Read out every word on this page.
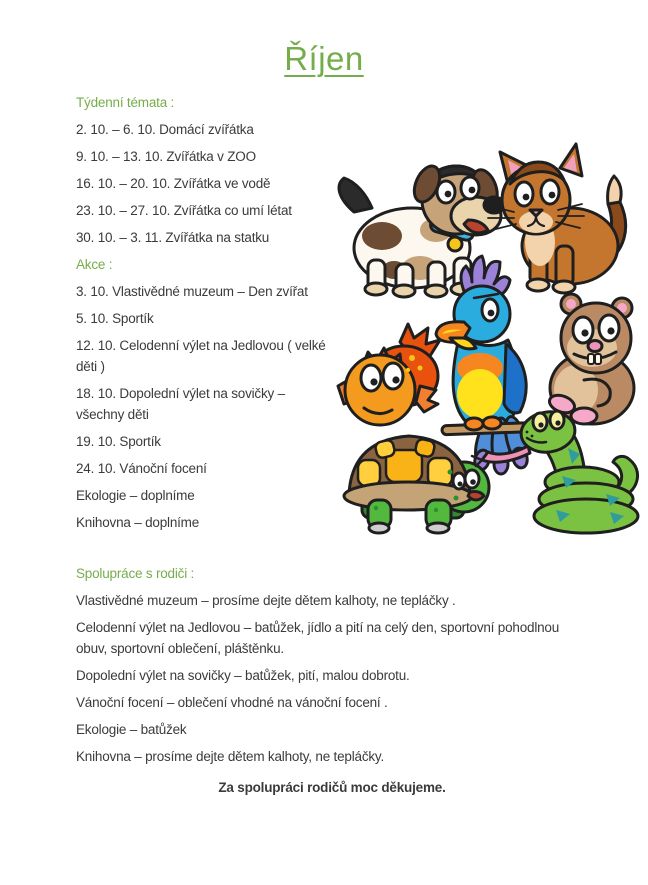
Říjen

Týdenní témata :

2. 10. – 6. 10. Domácí zvířátka

9. 10. – 13. 10. Zvířátka v ZOO

16. 10. – 20. 10. Zvířátka ve vodě

23. 10. – 27. 10. Zvířátka co umí létat

30. 10. – 3. 11. Zvířátka na statku

Akce :

3. 10. Vlastivědné muzeum – Den zvířat

5. 10. Sportík

12. 10. Celodenní výlet na Jedlovou ( velké děti )

18. 10. Dopolední výlet na sovičky – všechny děti

19. 10. Sportík

24. 10. Vánoční focení

Ekologie – doplníme

Knihovna – doplníme

Spolupráce s rodiči :

Vlastivědné muzeum – prosíme dejte dětem kalhoty, ne tepláčky .

Celodenní výlet na Jedlovou – batůžek, jídlo a pití na celý den, sportovní pohodlnou obuv, sportovní oblečení, pláštěnku.

Dopolední výlet na sovičky – batůžek, pití, malou dobrotu.

Vánoční focení – oblečení vhodné na vánoční focení .

Ekologie – batůžek

Knihovna – prosíme dejte dětem kalhoty, ne tepláčky.

Za spolupráci rodičů moc děkujeme.
